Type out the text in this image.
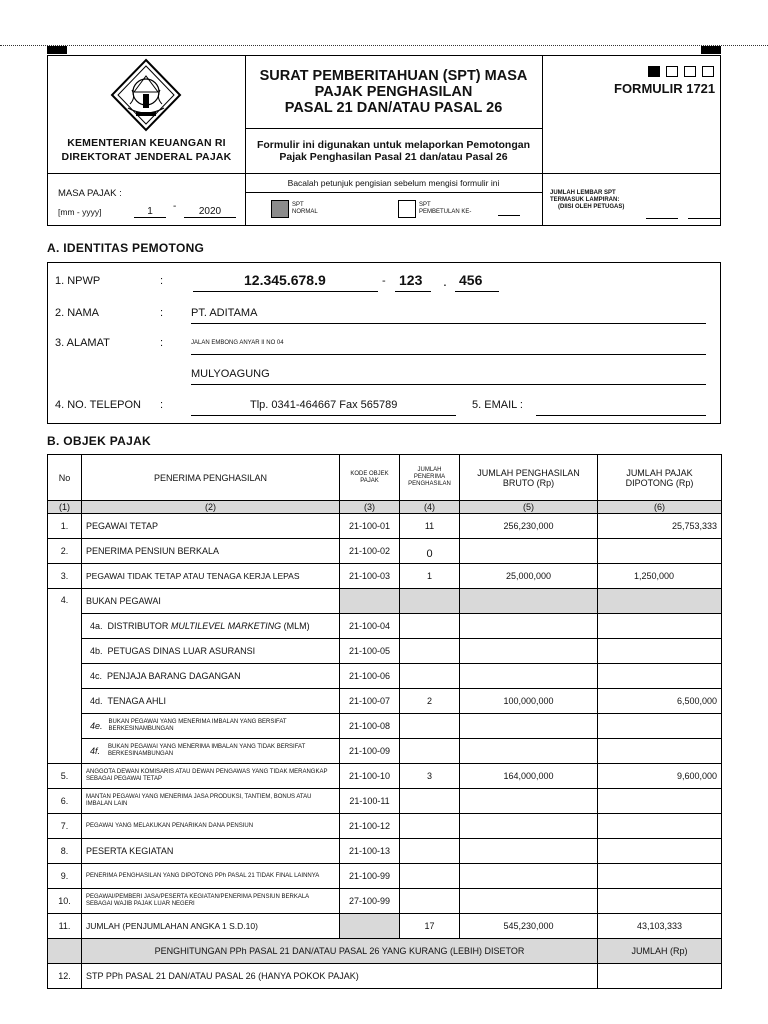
KEMENTERIAN KEUANGAN RI
DIREKTORAT JENDERAL PAJAK
SURAT PEMBERITAHUAN (SPT) MASA
PAJAK PENGHASILAN
PASAL 21 DAN/ATAU PASAL 26
Formulir ini digunakan untuk melaporkan Pemotongan Pajak Penghasilan Pasal 21 dan/atau Pasal 26
FORMULIR 1721
MASA PAJAK :
[mm - yyyy]	1	-	2020
Bacalah petunjuk pengisian sebelum mengisi formulir ini
SPT
NORMAL
SPT
PEMBETULAN KE-
JUMLAH LEMBAR SPT
TERMASUK LAMPIRAN:
(DIISI OLEH PETUGAS)
A. IDENTITAS PEMOTONG
1. NPWP	:	12.345.678.9	- 123 . 456
2. NAMA	:	PT. ADITAMA
3. ALAMAT	:	JALAN EMBONG ANYAR II NO 04
MULYOAGUNG
4. NO. TELEPON :	Tlp. 0341-464667 Fax 565789	5. EMAIL :
B. OBJEK PAJAK
No	PENERIMA PENGHASILAN	KODE OBJEK PAJAK	JUMLAH PENERIMA PENGHASILAN	JUMLAH PENGHASILAN BRUTO (Rp)	JUMLAH PAJAK DIPOTONG (Rp)
(1)	(2)	(3)	(4)	(5)	(6)
1.	PEGAWAI TETAP	21-100-01	11	256,230,000	25,753,333
2.	PENERIMA PENSIUN BERKALA	21-100-02	0		
3.	PEGAWAI TIDAK TETAP ATAU TENAGA KERJA LEPAS	21-100-03	1	25,000,000	1,250,000
4.	BUKAN PEGAWAI				
	4a. DISTRIBUTOR MULTILEVEL MARKETING (MLM)	21-100-04			
	4b. PETUGAS DINAS LUAR ASURANSI	21-100-05			
	4c. PENJAJA BARANG DAGANGAN	21-100-06			
	4d. TENAGA AHLI	21-100-07	2	100,000,000	6,500,000

	4e. BUKAN PEGAWAI YANG MENERIMA IMBALAN YANG BERSIFAT BERKESINAMBUNGAN	21-100-08			

	4f. BUKAN PEGAWAI YANG MENERIMA IMBALAN YANG TIDAK BERSIFAT BERKESINAMBUNGAN	21-100-09			
5.	ANGGOTA DEWAN KOMISARIS ATAU DEWAN PENGAWAS YANG TIDAK MERANGKAP SEBAGAI PEGAWAI TETAP	21-100-10	3	164,000,000	9,600,000
6.	MANTAN PEGAWAI YANG MENERIMA JASA PRODUKSI, TANTIEM, BONUS ATAU IMBALAN LAIN	21-100-11			
7.	PEGAWAI YANG MELAKUKAN PENARIKAN DANA PENSIUN	21-100-12			
8.	PESERTA KEGIATAN	21-100-13			
9.	PENERIMA PENGHASILAN YANG DIPOTONG PPh PASAL 21 TIDAK FINAL LAINNYA	21-100-99			
10.	PEGAWAI/PEMBERI JASA/PESERTA KEGIATAN/PENERIMA PENSIUN BERKALA SEBAGAI WAJIB PAJAK LUAR NEGERI	27-100-99			
11.	JUMLAH (PENJUMLAHAN ANGKA 1 S.D.10)		17	545,230,000	43,103,333
	PENGHITUNGAN PPh PASAL 21 DAN/ATAU PASAL 26 YANG KURANG (LEBIH) DISETOR				JUMLAH (Rp)
12.	STP PPh PASAL 21 DAN/ATAU PASAL 26 (HANYA POKOK PAJAK)				
